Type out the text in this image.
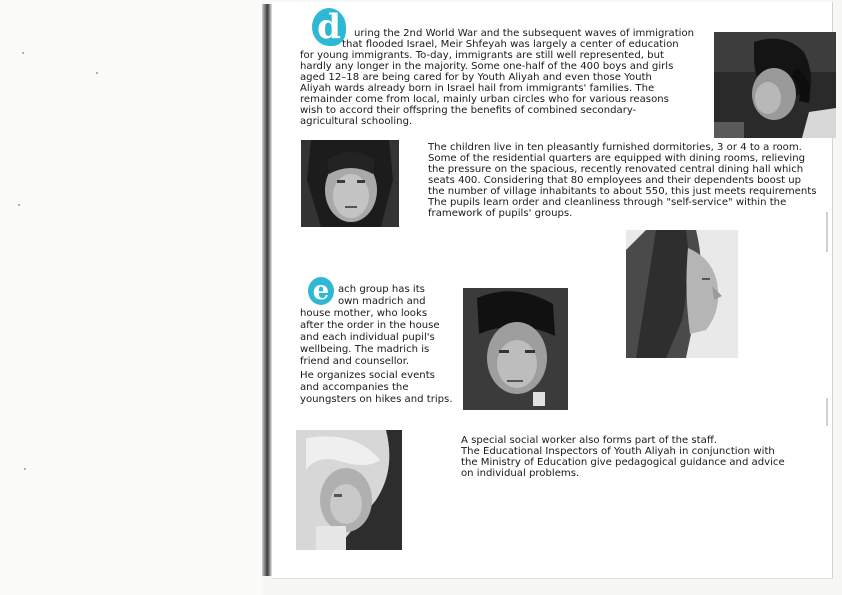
d uring the 2nd World War and the subsequent waves of immigration

that flooded Israel, Meir Shfeyah was largely a center of education

for young immigrants. To-day, immigrants are still well represented, but

hardly any longer in the majority. Some one-half of the 400 boys and girls

aged 12–18 are being cared for by Youth Aliyah and even those Youth

Aliyah wards already born in Israel hail from immigrants' families. The

remainder come from local, mainly urban circles who for various reasons

wish to accord their offspring the benefits of combined secondary-

agricultural schooling.

The children live in ten pleasantly furnished dormitories, 3 or 4 to a room.

Some of the residential quarters are equipped with dining rooms, relieving

the pressure on the spacious, recently renovated central dining hall which

seats 400. Considering that 80 employees and their dependents boost up

the number of village inhabitants to about 550, this just meets requirements

The pupils learn order and cleanliness through "self-service" within the

framework of pupils' groups.

e ach group has its

own madrich and

house mother, who looks

after the order in the house

and each individual pupil's

wellbeing. The madrich is

friend and counsellor.

He organizes social events

and accompanies the

youngsters on hikes and trips.

A special social worker also forms part of the staff.

The Educational Inspectors of Youth Aliyah in conjunction with

the Ministry of Education give pedagogical guidance and advice

on individual problems.
